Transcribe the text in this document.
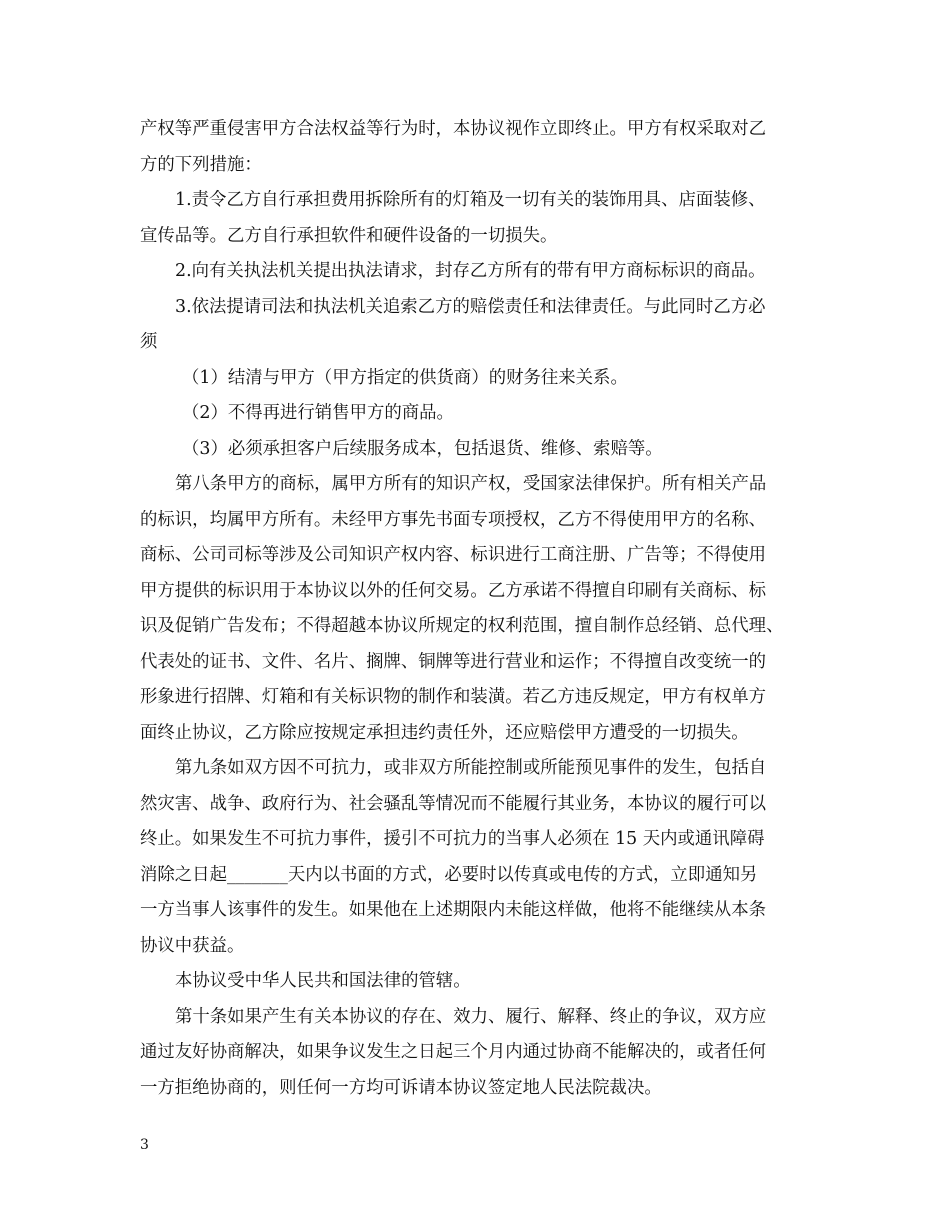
产权等严重侵害甲方合法权益等行为时，本协议视作立即终止。甲方有权采取对乙
方的下列措施：
1.责令乙方自行承担费用拆除所有的灯箱及一切有关的装饰用具、店面装修、
宣传品等。乙方自行承担软件和硬件设备的一切损失。
2.向有关执法机关提出执法请求，封存乙方所有的带有甲方商标标识的商品。
3.依法提请司法和执法机关追索乙方的赔偿责任和法律责任。与此同时乙方必
须
（1）结清与甲方（甲方指定的供货商）的财务往来关系。
（2）不得再进行销售甲方的商品。
（3）必须承担客户后续服务成本，包括退货、维修、索赔等。
第八条甲方的商标，属甲方所有的知识产权，受国家法律保护。所有相关产品
的标识，均属甲方所有。未经甲方事先书面专项授权，乙方不得使用甲方的名称、
商标、公司司标等涉及公司知识产权内容、标识进行工商注册、广告等；不得使用
甲方提供的标识用于本协议以外的任何交易。乙方承诺不得擅自印刷有关商标、标
识及促销广告发布；不得超越本协议所规定的权利范围，擅自制作总经销、总代理、
代表处的证书、文件、名片、搁牌、铜牌等进行营业和运作；不得擅自改变统一的
形象进行招牌、灯箱和有关标识物的制作和装潢。若乙方违反规定，甲方有权单方
面终止协议，乙方除应按规定承担违约责任外，还应赔偿甲方遭受的一切损失。
第九条如双方因不可抗力，或非双方所能控制或所能预见事件的发生，包括自
然灾害、战争、政府行为、社会骚乱等情况而不能履行其业务，本协议的履行可以
终止。如果发生不可抗力事件，援引不可抗力的当事人必须在 15 天内或通讯障碍
消除之日起_______天内以书面的方式，必要时以传真或电传的方式，立即通知另
一方当事人该事件的发生。如果他在上述期限内未能这样做，他将不能继续从本条
协议中获益。
本协议受中华人民共和国法律的管辖。
第十条如果产生有关本协议的存在、效力、履行、解释、终止的争议，双方应
通过友好协商解决，如果争议发生之日起三个月内通过协商不能解决的，或者任何
一方拒绝协商的，则任何一方均可诉请本协议签定地人民法院裁决。
3
